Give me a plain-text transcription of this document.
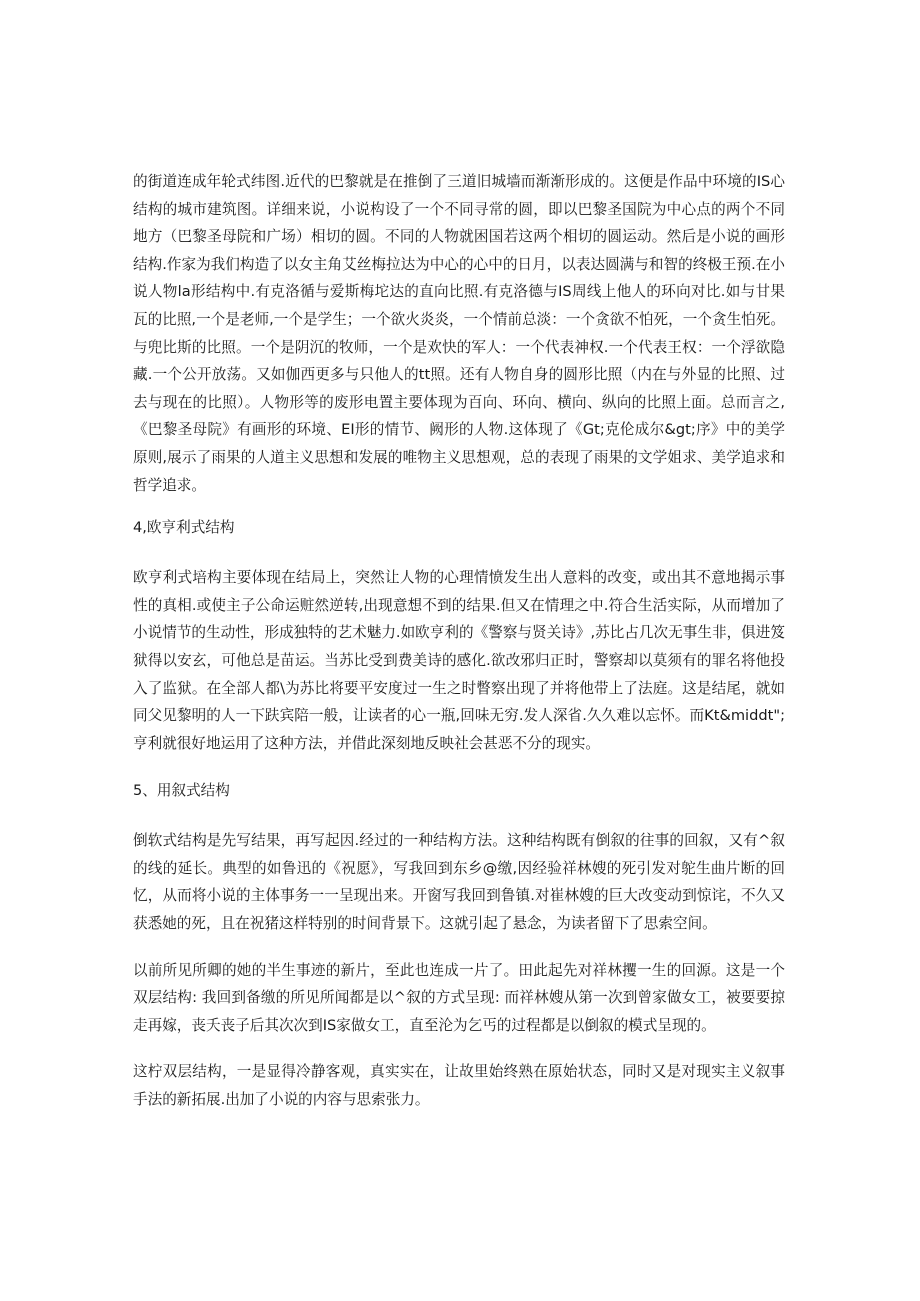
的街道连成年轮式纬图.近代的巴黎就是在推倒了三道旧城墙而渐渐形成的。这便是作品中环境的IS心结构的城市建筑图。详细来说，小说构设了一个不同寻常的圆，即以巴黎圣国院为中心点的两个不同地方（巴黎圣母院和广场）相切的圆。不同的人物就困国若这两个相切的圆运动。然后是小说的画形结构.作家为我们构造了以女主角艾丝梅拉达为中心的心中的日月，以表达圆满与和智的终极王预.在小说人物la形结构中.有克洛循与爱斯梅坨达的直向比照.有克洛德与IS周线上他人的环向对比.如与甘果瓦的比照,一个是老师,一个是学生；一个欲火炎炎，一个情前总淡：一个贪欲不怕死，一个贪生怕死。与兜比斯的比照。一个是阴沉的牧师，一个是欢快的军人：一个代表神权.一个代表王权：一个浮欲隐藏.一个公开放荡。又如伽西更多与只他人的tt照。还有人物自身的圆形比照（内在与外显的比照、过去与现在的比照）。人物形等的废形电置主要体现为百向、环向、横向、纵向的比照上面。总而言之,《巴黎圣母院》有画形的环境、EI形的情节、阙形的人物.这体现了《Gt;克伦成尔&gt;序》中的美学原则,展示了雨果的人道主义思想和发展的唯物主义思想观，总的表现了雨果的文学姐求、美学追求和哲学追求。

4,欧亨利式结构

欧亨利式培构主要体现在结局上，突然让人物的心理情愤发生出人意料的改变，或出其不意地揭示事性的真相.或使主子公命运赃然逆转,出现意想不到的结果.但又在情理之中.符合生活实际，从而增加了小说情节的生动性，形成独特的艺术魅力.如欧亨利的《警察与贤关诗》,苏比占几次无事生非，俱进笈狱得以安玄，可他总是苗运。当苏比受到费美诗的感化.欲改邪归正时，警察却以莫须有的罪名将他投入了监狱。在全部人都\为苏比将要平安度过一生之时瞥察出现了并将他带上了法庭。这是结尾，就如同父见黎明的人一下趺宾陪一般，让读者的心一瓶,回味无穷.发人深省.久久难以忘怀。而Kt&middt";亨利就很好地运用了这种方法，并借此深刻地反映社会甚恶不分的现实。

5、用叙式结构

倒软式结构是先写结果，再写起因.经过的一种结构方法。这种结构既有倒叙的往事的回叙，又有^叙的线的延长。典型的如鲁迅的《祝愿》，写我回到东乡@缴,因经验祥林嫂的死引发对鸵生曲片断的回忆，从而将小说的主体事务一一呈现出来。开窗写我回到鲁镇.对崔林嫂的巨大改变动到惊诧，不久又获悉她的死，且在祝猪这样特别的时间背景下。这就引起了悬念，为读者留下了思索空间。

以前所见所卿的她的半生事迹的新片，至此也连成一片了。田此起先对祥林攫一生的回源。这是一个双层结构: 我回到备缴的所见所闻都是以^叙的方式呈现: 而祥林嫂从第一次到曾家做女工，被要要掠走再嫁，丧夭丧子后其次次到IS家做女工，直至沦为乞丐的过程都是以倒叙的模式呈现的。

这柠双层结构，一是显得冷静客观，真实实在，让故里始终熟在原始状态，同时又是对现实主义叙事手法的新拓展.出加了小说的内容与思索张力。
